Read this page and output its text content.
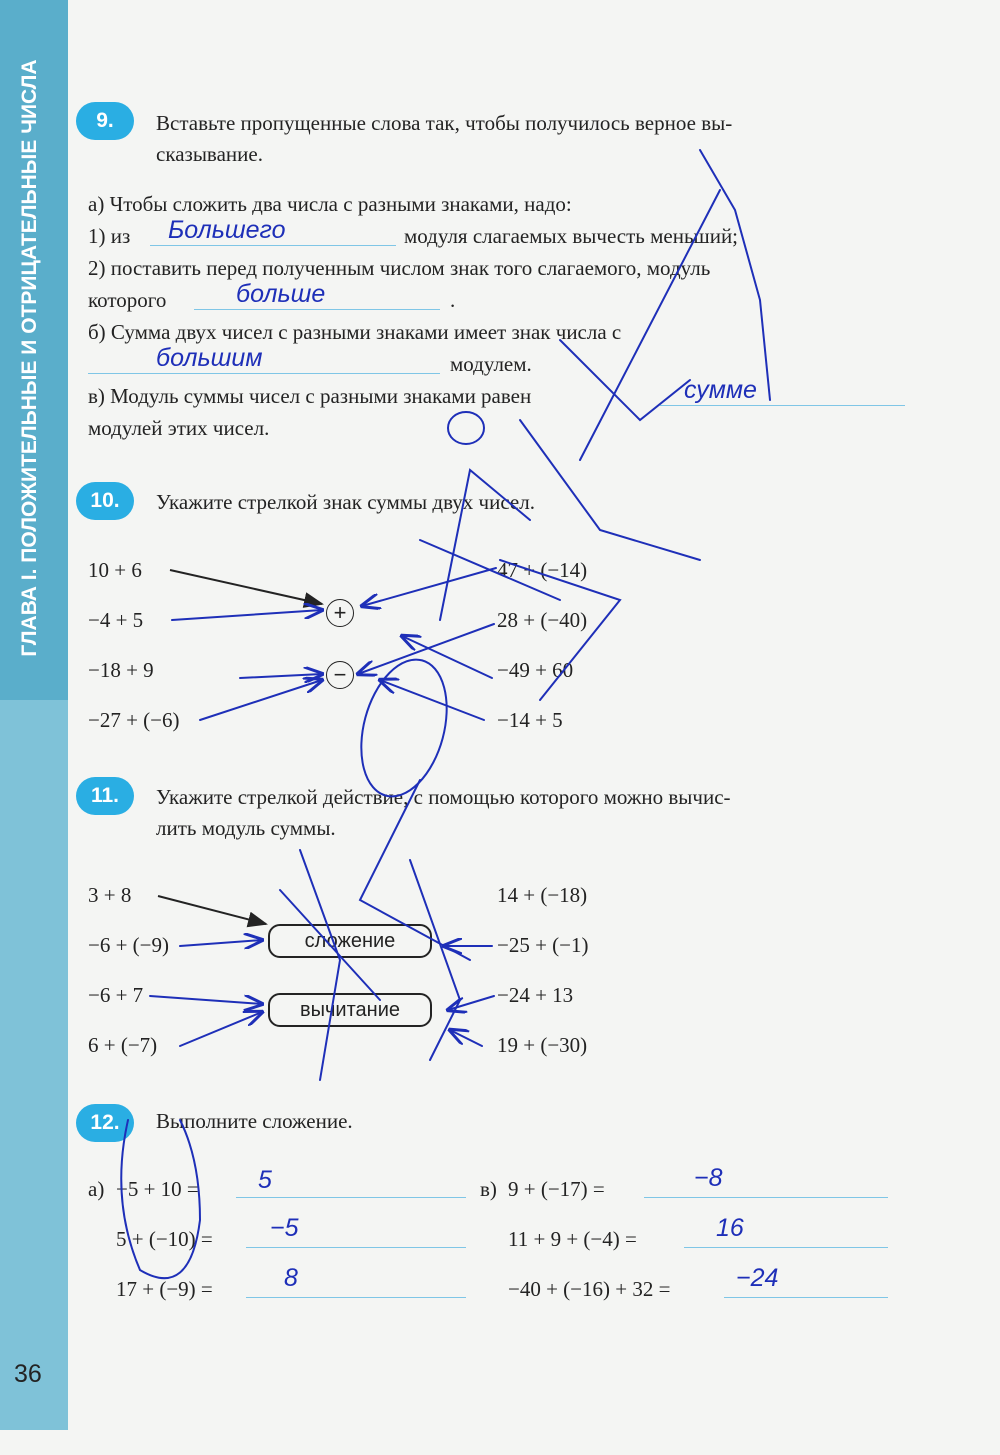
ГЛАВА I. ПОЛОЖИТЕЛЬНЫЕ И ОТРИЦАТЕЛЬНЫЕ ЧИСЛА
36
9.	Вставьте пропущенные слова так, чтобы получилось верное вы-
сказывание.
а) Чтобы сложить два числа с разными знаками, надо:
1) из Большего	модуля слагаемых вычесть меньший;
2) поставить перед полученным числом знак того слагаемого, модуль
которого	больше	.
б) Сумма двух чисел с разными знаками имеет знак числа с
большим	модулем.
в) Модуль суммы чисел с разными знаками равен	сумме
модулей этих чисел.
10.	Укажите стрелкой знак суммы двух чисел.
10 + 6
−4 + 5
−18 + 9
−27 + (−6)
47 + (−14)
28 + (−40)
−49 + 60
−14 + 5
+
−
11.	Укажите стрелкой действие, с помощью которого можно вычис-
лить модуль суммы.
3 + 8
−6 + (−9)
−6 + 7
6 + (−7)
14 + (−18)
−25 + (−1)
−24 + 13
19 + (−30)
сложение
вычитание
12.	Выполните сложение.
а)	в)
−5 + 10 = 5
5 + (−10) = −5
17 + (−9) =	8
9 + (−17) =	−8
11 + 9 + (−4) =	16
−40 + (−16) + 32 =	−24
